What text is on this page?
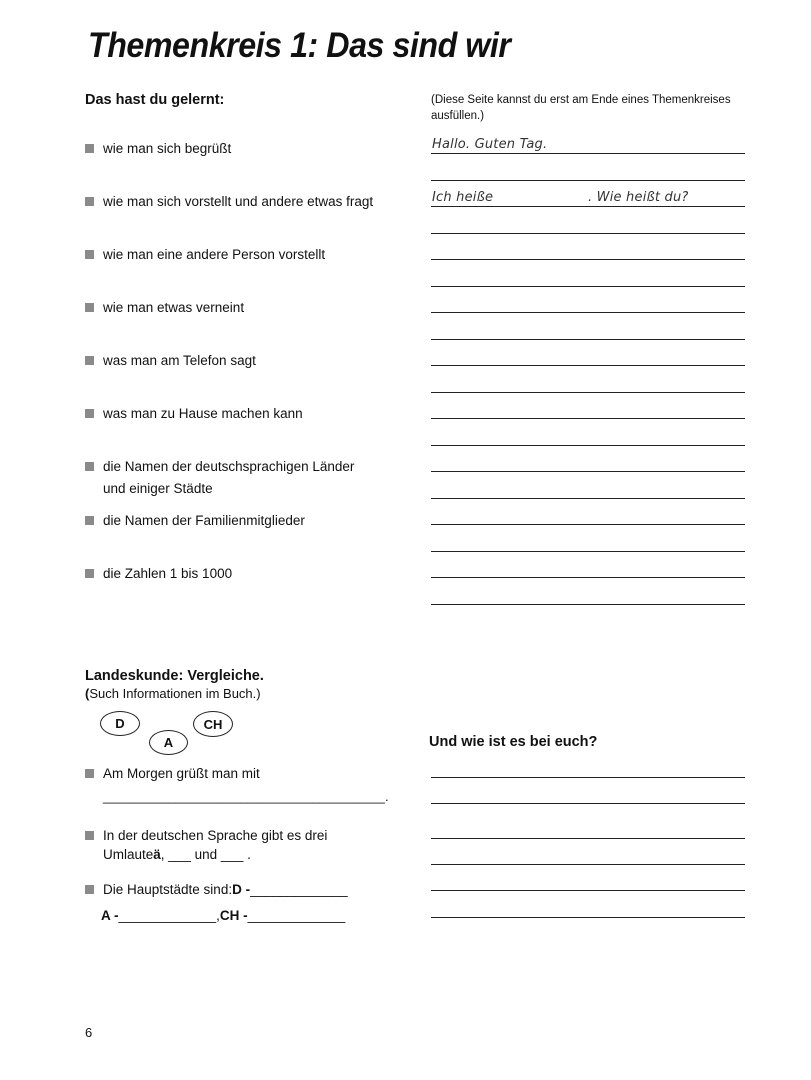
Themenkreis 1: Das sind wir
Das hast du gelernt:	(Diese Seite kannst du erst am Ende eines Themenkreises ausfüllen.)
wie man sich begrüßt
wie man sich vorstellt und andere etwas fragt
wie man eine andere Person vorstellt
wie man etwas verneint
was man am Telefon sagt
was man zu Hause machen kann
die Namen der deutschsprachigen Länder
und einiger Städte
die Namen der Familienmitglieder
die Zahlen 1 bis 1000
Hallo. Guten Tag.
Ich heiße	. Wie heißt du?
Landeskunde: Vergleiche.
(Such Informationen im Buch.)
D
A
CH
Am Morgen grüßt man mit
_______________________________________.
In der deutschen Sprache gibt es drei
Umlaute ä , ___ und ___ .
Die Hauptstädte sind: D - _____________
A - _____________, CH - _____________
Und wie ist es bei euch?
6
